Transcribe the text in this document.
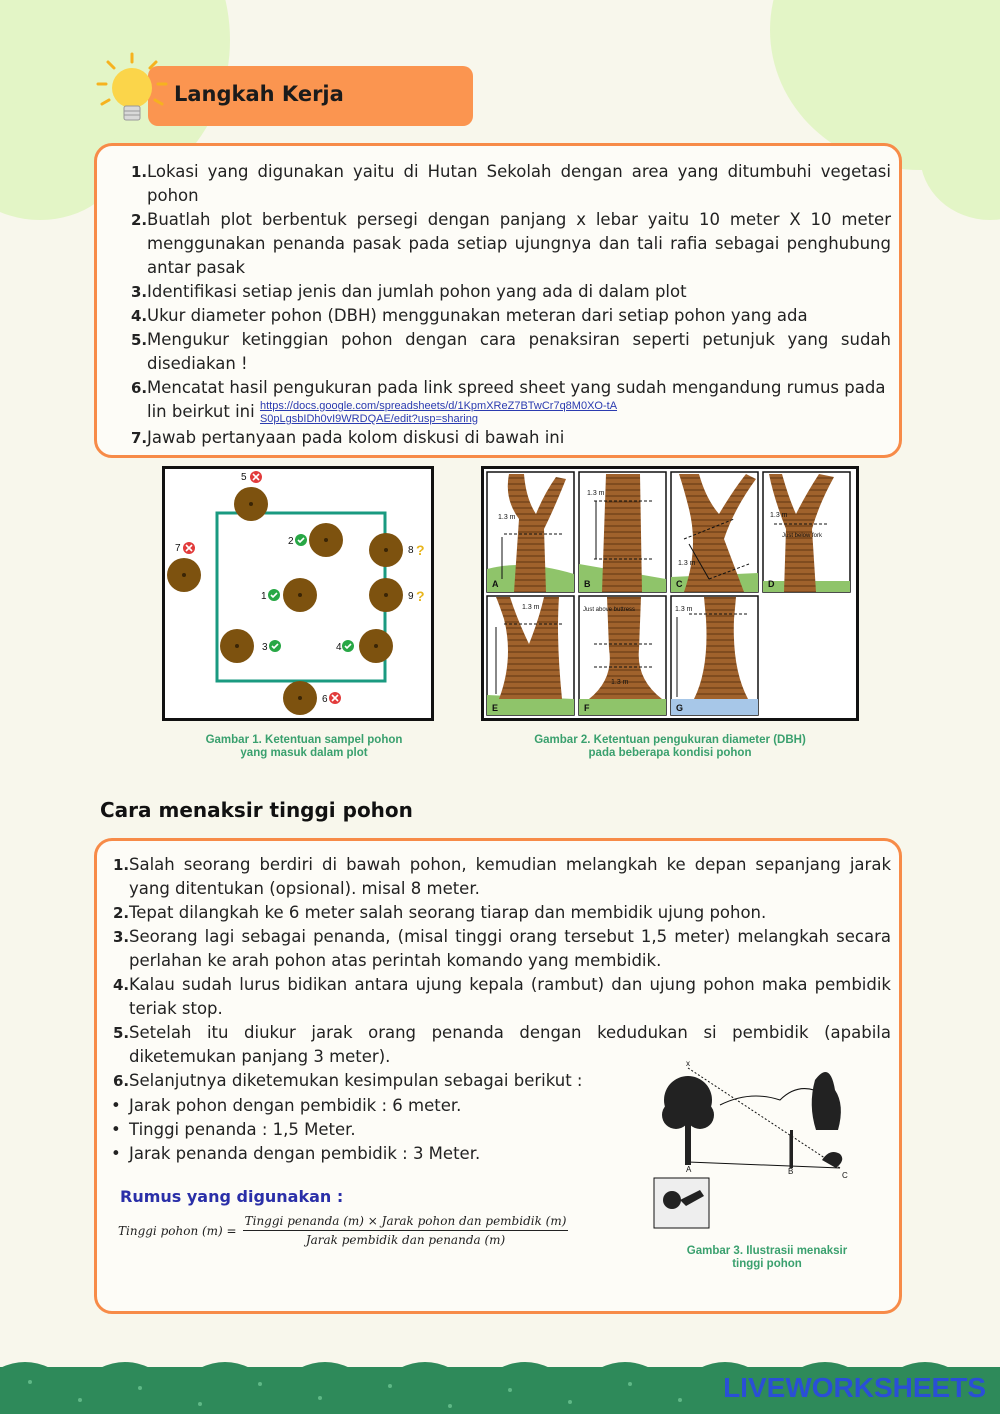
Langkah Kerja
1. Lokasi yang digunakan yaitu di Hutan Sekolah dengan area yang ditumbuhi vegetasi pohon
2. Buatlah plot berbentuk persegi dengan panjang x lebar yaitu 10 meter X 10 meter menggunakan penanda pasak pada setiap ujungnya dan tali rafia sebagai penghubung antar pasak
3. Identifikasi setiap jenis dan jumlah pohon yang ada di dalam plot
4. Ukur diameter pohon (DBH) menggunakan meteran dari setiap pohon yang ada
5. Mengukur ketinggian pohon dengan cara penaksiran seperti petunjuk yang sudah disediakan !
6. Mencatat hasil pengukuran pada link spreed sheet yang sudah mengandung rumus pada lin beirkut ini https://docs.google.com/spreadsheets/d/1KpmXReZ7BTwCr7q8M0XO-tAS0pLgsbIDh0vI9WRDQAE/edit?usp=sharing
7. Jawab pertanyaan pada kolom diskusi di bawah ini
5
2
8
7
1	9
3	4
6
?
?
Gambar 1. Ketentuan sampel pohon yang masuk dalam plot
1.3 m
1.3 m
1.3 m
1.3 m
1.3 m
1.3 m
1.3 m
Just below fork
Just above buttress
A	B	C	D
E	F	G
Gambar 2. Ketentuan pengukuran diameter (DBH) pada beberapa kondisi pohon
Cara menaksir tinggi pohon
1. Salah seorang berdiri di bawah pohon, kemudian melangkah ke depan sepanjang jarak yang ditentukan (opsional). misal 8 meter.
2. Tepat dilangkah ke 6 meter salah seorang tiarap dan membidik ujung pohon.
3. Seorang lagi sebagai penanda, (misal tinggi orang tersebut 1,5 meter) melangkah secara perlahan ke arah pohon atas perintah komando yang membidik.
4. Kalau sudah lurus bidikan antara ujung kepala (rambut) dan ujung pohon maka pembidik teriak stop.
5. Setelah itu diukur jarak orang penanda dengan kedudukan si pembidik (apabila diketemukan panjang 3 meter).
6. Selanjutnya diketemukan kesimpulan sebagai berikut :
• Jarak pohon dengan pembidik : 6 meter.
• Tinggi penanda : 1,5 Meter.
• Jarak penanda dengan pembidik : 3 Meter.
Rumus yang digunakan :
Tinggi pohon $(m) = \frac{\text{Tinggi penanda (m) × Jarak pohon dan pembidik (m)}}{\text{Jarak pembidik dan penanda (m)}}$
x
A	B	C
Gambar 3. Ilustrasii menaksir tinggi pohon
LIVEWORKSHEETS
